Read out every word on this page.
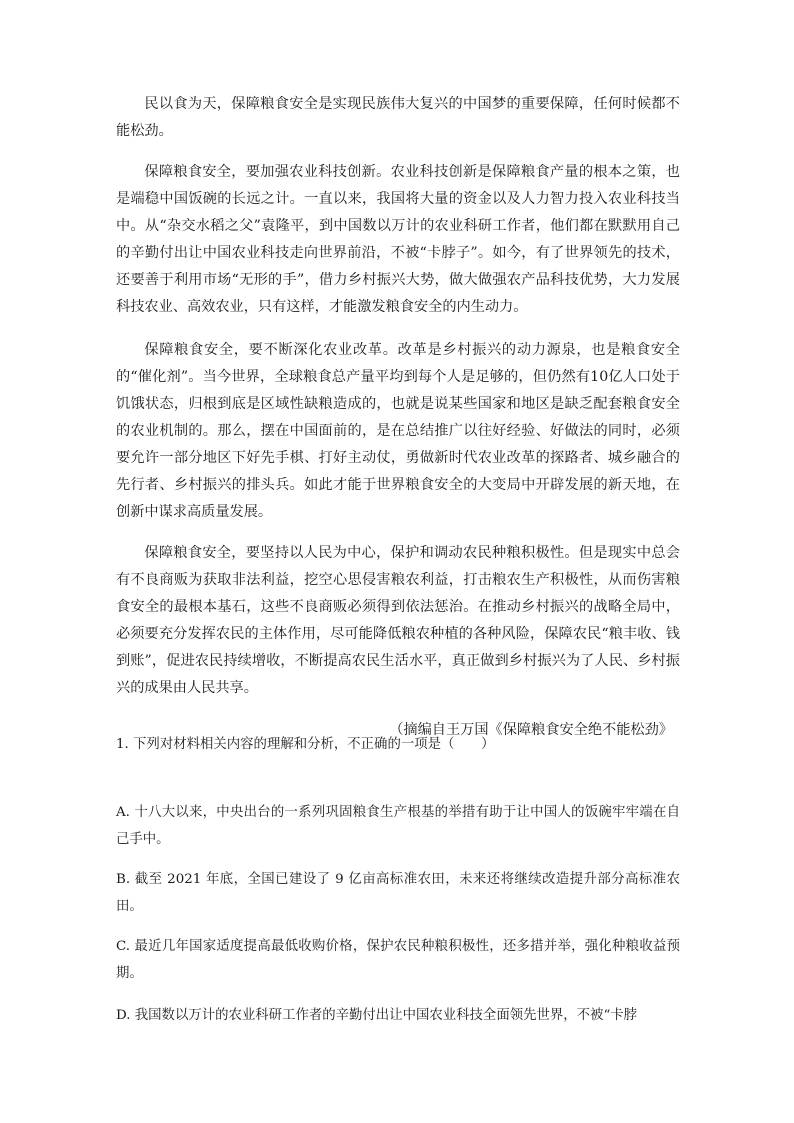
民以食为天，保障粮食安全是实现民族伟大复兴的中国梦的重要保障，任何时候都不能松劲。

保障粮食安全，要加强农业科技创新。农业科技创新是保障粮食产量的根本之策，也是端稳中国饭碗的长远之计。一直以来，我国将大量的资金以及人力智力投入农业科技当中。从“杂交水稻之父”袁隆平，到中国数以万计的农业科研工作者，他们都在默默用自己的辛勤付出让中国农业科技走向世界前沿，不被“卡脖子”。如今，有了世界领先的技术，还要善于利用市场“无形的手”，借力乡村振兴大势，做大做强农产品科技优势，大力发展科技农业、高效农业，只有这样，才能激发粮食安全的内生动力。

保障粮食安全，要不断深化农业改革。改革是乡村振兴的动力源泉，也是粮食安全的“催化剂”。当今世界，全球粮食总产量平均到每个人是足够的，但仍然有10亿人口处于饥饿状态，归根到底是区域性缺粮造成的，也就是说某些国家和地区是缺乏配套粮食安全的农业机制的。那么，摆在中国面前的，是在总结推广以往好经验、好做法的同时，必须要允许一部分地区下好先手棋、打好主动仗，勇做新时代农业改革的探路者、城乡融合的先行者、乡村振兴的排头兵。如此才能于世界粮食安全的大变局中开辟发展的新天地，在创新中谋求高质量发展。

保障粮食安全，要坚持以人民为中心，保护和调动农民种粮积极性。但是现实中总会有不良商贩为获取非法利益，挖空心思侵害粮农利益，打击粮农生产积极性，从而伤害粮食安全的最根本基石，这些不良商贩必须得到依法惩治。在推动乡村振兴的战略全局中，必须要充分发挥农民的主体作用，尽可能降低粮农种植的各种风险，保障农民“粮丰收、钱到账”，促进农民持续增收，不断提高农民生活水平，真正做到乡村振兴为了人民、乡村振兴的成果由人民共享。

（摘编自王万国《保障粮食安全绝不能松劲》

1. 下列对材料相关内容的理解和分析，不正确的一项是（　　）

A. 十八大以来，中央出台的一系列巩固粮食生产根基的举措有助于让中国人的饭碗牢牢端在自己手中。

B. 截至 2021 年底，全国已建设了 9 亿亩高标准农田，未来还将继续改造提升部分高标准农田。

C. 最近几年国家适度提高最低收购价格，保护农民种粮积极性，还多措并举，强化种粮收益预期。

D. 我国数以万计的农业科研工作者的辛勤付出让中国农业科技全面领先世界，不被“卡脖
